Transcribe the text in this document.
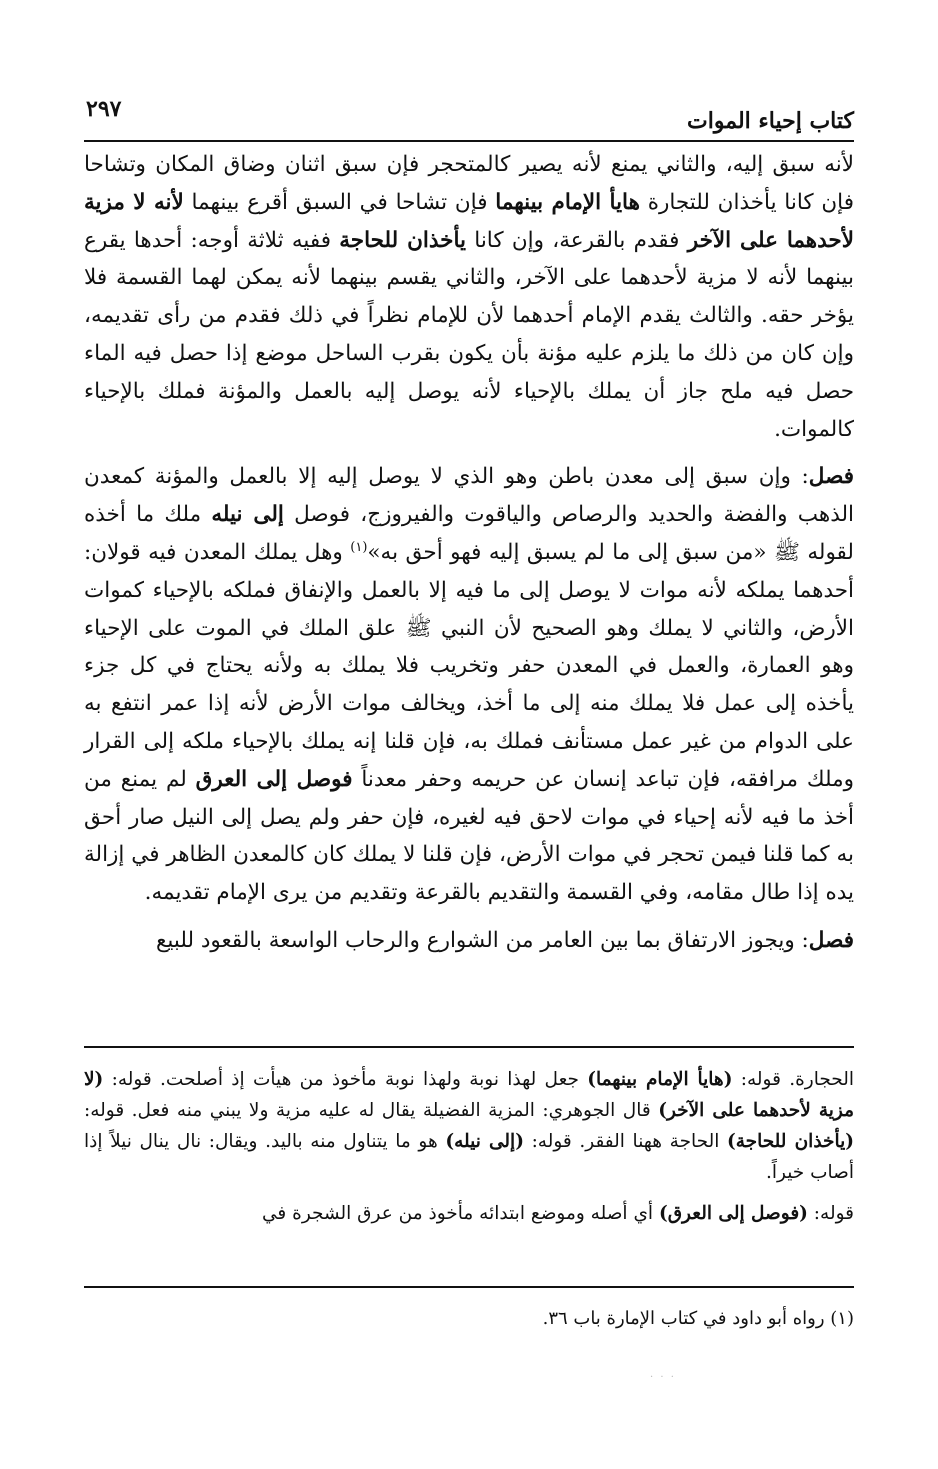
٢٩٧	كتاب إحياء الموات

لأنه سبق إليه، والثاني يمنع لأنه يصير كالمتحجر فإن سبق اثنان وضاق المكان وتشاحا فإن كانا يأخذان للتجارة هايأ الإمام بينهما فإن تشاحا في السبق أقرع بينهما لأنه لا مزية لأحدهما على الآخر فقدم بالقرعة، وإن كانا يأخذان للحاجة ففيه ثلاثة أوجه: أحدها يقرع بينهما لأنه لا مزية لأحدهما على الآخر، والثاني يقسم بينهما لأنه يمكن لهما القسمة فلا يؤخر حقه. والثالث يقدم الإمام أحدهما لأن للإمام نظراً في ذلك فقدم من رأى تقديمه، وإن كان من ذلك ما يلزم عليه مؤنة بأن يكون بقرب الساحل موضع إذا حصل فيه الماء حصل فيه ملح جاز أن يملك بالإحياء لأنه يوصل إليه بالعمل والمؤنة فملك بالإحياء كالموات.

فصل: وإن سبق إلى معدن باطن وهو الذي لا يوصل إليه إلا بالعمل والمؤنة كمعدن الذهب والفضة والحديد والرصاص والياقوت والفيروزج، فوصل إلى نيله ملك ما أخذه لقوله ﷺ «من سبق إلى ما لم يسبق إليه فهو أحق به»$^{(١)}$ وهل يملك المعدن فيه قولان: أحدهما يملكه لأنه موات لا يوصل إلى ما فيه إلا بالعمل والإنفاق فملكه بالإحياء كموات الأرض، والثاني لا يملك وهو الصحيح لأن النبي ﷺ علق الملك في الموت على الإحياء وهو العمارة، والعمل في المعدن حفر وتخريب فلا يملك به ولأنه يحتاج في كل جزء يأخذه إلى عمل فلا يملك منه إلى ما أخذ، ويخالف موات الأرض لأنه إذا عمر انتفع به على الدوام من غير عمل مستأنف فملك به، فإن قلنا إنه يملك بالإحياء ملكه إلى القرار وملك مرافقه، فإن تباعد إنسان عن حريمه وحفر معدناً فوصل إلى العرق لم يمنع من أخذ ما فيه لأنه إحياء في موات لاحق فيه لغيره، فإن حفر ولم يصل إلى النيل صار أحق به كما قلنا فيمن تحجر في موات الأرض، فإن قلنا لا يملك كان كالمعدن الظاهر في إزالة يده إذا طال مقامه، وفي القسمة والتقديم بالقرعة وتقديم من يرى الإمام تقديمه.

فصل: ويجوز الارتفاق بما بين العامر من الشوارع والرحاب الواسعة بالقعود للبيع

الحجارة. قوله: (هايأ الإمام بينهما) جعل لهذا نوبة ولهذا نوبة مأخوذ من هيأت إذ أصلحت. قوله: (لا مزية لأحدهما على الآخر) قال الجوهري: المزية الفضيلة يقال له عليه مزية ولا يبني منه فعل. قوله: (يأخذان للحاجة) الحاجة ههنا الفقر. قوله: (إلى نيله) هو ما يتناول منه باليد. ويقال: نال ينال نيلاً إذا أصاب خيراً.

قوله: (فوصل إلى العرق) أي أصله وموضع ابتدائه مأخوذ من عرق الشجرة في

(١) رواه أبو داود في كتاب الإمارة باب ٣٦.
· · ·
